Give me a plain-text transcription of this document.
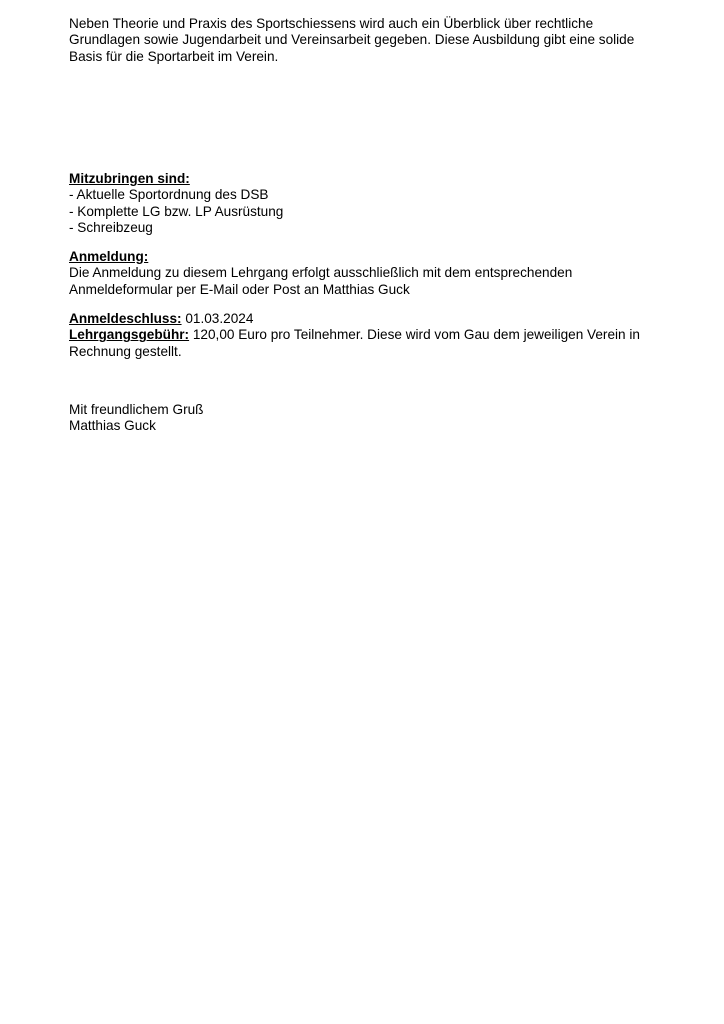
Neben Theorie und Praxis des Sportschiessens wird auch ein Überblick über rechtliche
Grundlagen sowie Jugendarbeit und Vereinsarbeit gegeben. Diese Ausbildung gibt eine solide
Basis für die Sportarbeit im Verein.
Mitzubringen sind:
- Aktuelle Sportordnung des DSB
- Komplette LG bzw. LP Ausrüstung
- Schreibzeug
Anmeldung:
Die Anmeldung zu diesem Lehrgang erfolgt ausschließlich mit dem entsprechenden
Anmeldeformular per E-Mail oder Post an Matthias Guck
Anmeldeschluss: 01.03.2024
Lehrgangsgebühr: 120,00 Euro pro Teilnehmer. Diese wird vom Gau dem jeweiligen Verein in
Rechnung gestellt.
Mit freundlichem Gruß
Matthias Guck
